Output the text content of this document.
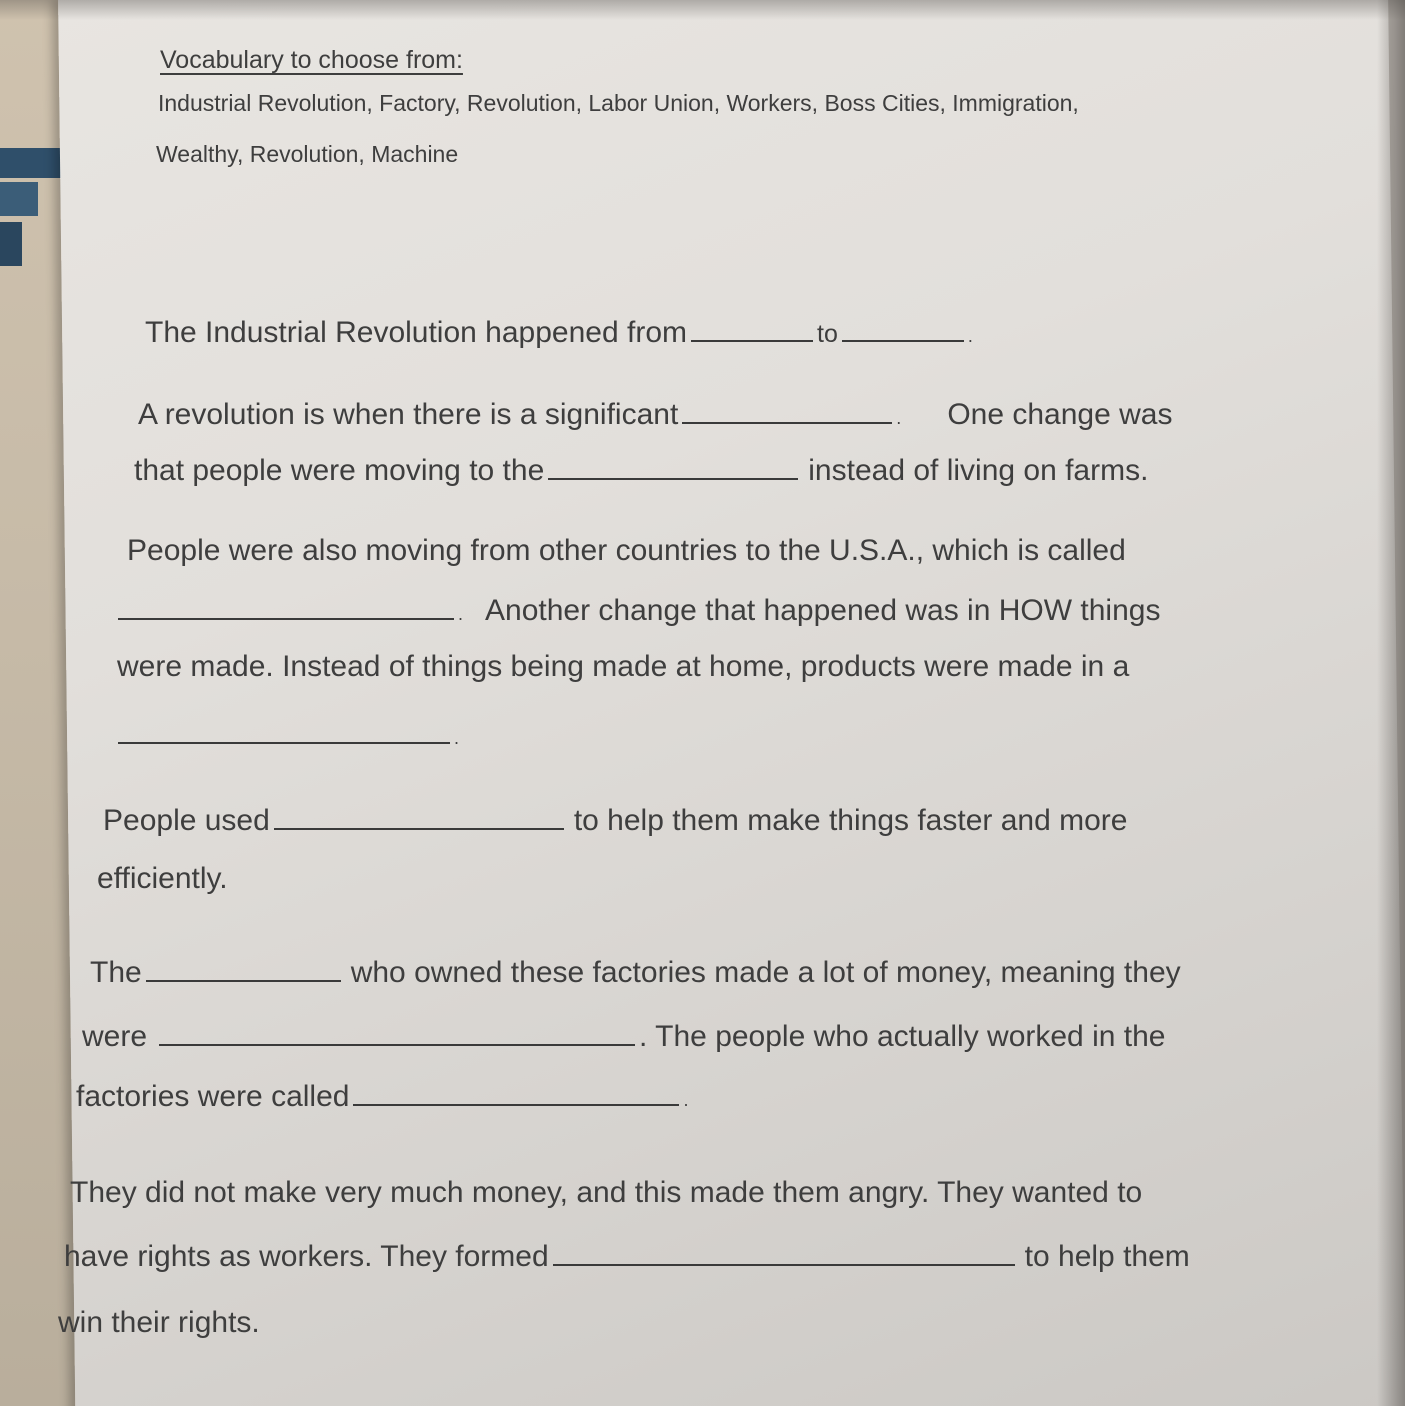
Vocabulary to choose from:
Industrial Revolution, Factory, Revolution, Labor Union, Workers, Boss Cities, Immigration,
Wealthy, Revolution, Machine
The Industrial Revolution happened from	to	.
A revolution is when there is a significant	. One change was
that people were moving to the	instead of living on farms.
People were also moving from other countries to the U.S.A., which is called
. Another change that happened was in HOW things
were made. Instead of things being made at home, products were made in a
.
People used	to help them make things faster and more
efficiently.
The	who owned these factories made a lot of money, meaning they
were	. The people who actually worked in the
factories were called	.
They did not make very much money, and this made them angry. They wanted to
have rights as workers. They formed	to help them
win their rights.
